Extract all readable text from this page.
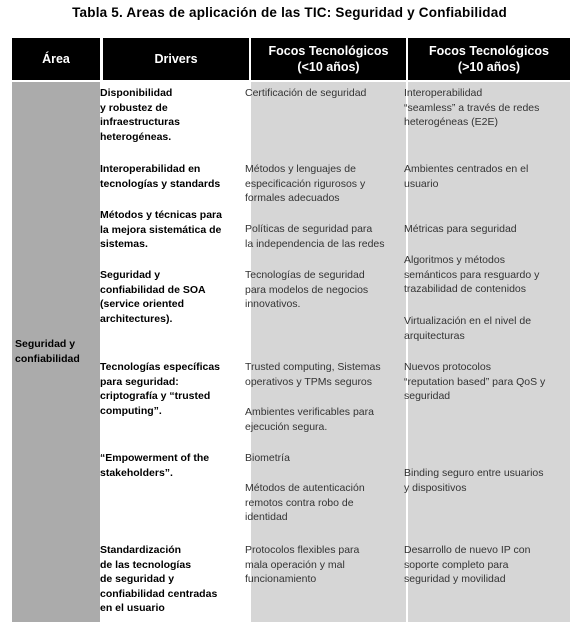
Tabla 5. Areas de aplicación de las TIC: Seguridad y Confiabilidad
Área	Drivers
Focos Tecnológicos
(<10 años)
Focos Tecnológicos
(>10 años)
Seguridad y
confiabilidad
Disponibilidad
y robustez de
infraestructuras
heterogéneas.
Interoperabilidad en
tecnologías y standards
Métodos y técnicas para
la mejora sistemática de
sistemas.
Seguridad y
confiabilidad de SOA
(service oriented
architectures).
Tecnologías específicas
para seguridad:
criptografía y “trusted
computing”.
“Empowerment of the
stakeholders”.
Standardización
de las tecnologías
de seguridad y
confiabilidad centradas
en el usuario
Certificación de seguridad
Métodos y lenguajes de
especificación rigurosos y
formales adecuados
Políticas de seguridad para
la independencia de las redes
Tecnologías de seguridad
para modelos de negocios
innovativos.
Trusted computing, Sistemas
operativos y TPMs seguros
Ambientes verificables para
ejecución segura.
Biometría
Métodos de autenticación
remotos contra robo de
identidad
Protocolos flexibles para
mala operación y mal
funcionamiento
Interoperabilidad
“seamless” a través de redes
heterogéneas (E2E)
Ambientes centrados en el
usuario
Métricas para seguridad
Algoritmos y métodos
semánticos para resguardo y
trazabilidad de contenidos
Virtualización en el nivel de
arquitecturas
Nuevos protocolos
“reputation based” para QoS y
seguridad
Binding seguro entre usuarios
y dispositivos
Desarrollo de nuevo IP con
soporte completo para
seguridad y movilidad
